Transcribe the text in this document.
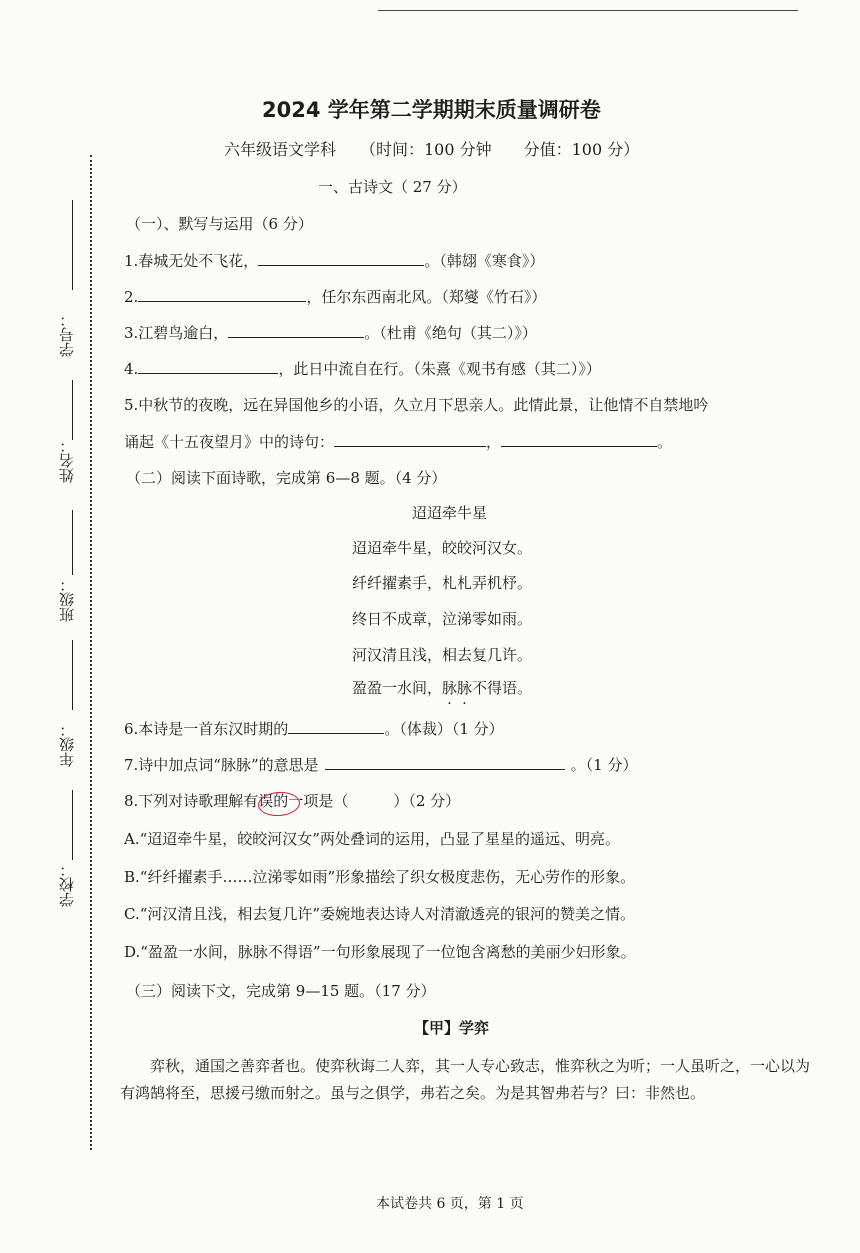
学号：
姓名：
班级：
年级：
学校：
2024 学年第二学期期末质量调研卷
六年级语文学科　　（时间：100 分钟　　分值：100 分）
一、古诗文（ 27 分）
（一）、默写与运用（6 分）
1.春城无处不飞花，	。（韩翃《寒食》）
2.	，任尔东西南北风。（郑燮《竹石》）
3.江碧鸟逾白，	。（杜甫《绝句（其二）》）
4.	，此日中流自在行。（朱熹《观书有感（其二）》）
5.中秋节的夜晚，远在异国他乡的小语，久立月下思亲人。此情此景，让他情不自禁地吟
诵起《十五夜望月》中的诗句：	，	。
（二）阅读下面诗歌，完成第 6—8 题。（4 分）
迢迢牵牛星
迢迢牵牛星，皎皎河汉女。
纤纤擢素手，札札弄机杼。
终日不成章，泣涕零如雨。
河汉清且浅，相去复几许。
盈盈一水间，脉脉不得语。
6.本诗是一首东汉时期的	。（体裁）（1 分）
7.诗中加点词“脉脉”的意思是	。（1 分）
8.下列对诗歌理解有误的一项是（　　　）（2 分）
A.“迢迢牵牛星，皎皎河汉女”两处叠词的运用，凸显了星星的遥远、明亮。
B.“纤纤擢素手……泣涕零如雨”形象描绘了织女极度悲伤，无心劳作的形象。
C.“河汉清且浅，相去复几许”委婉地表达诗人对清澈透亮的银河的赞美之情。
D.“盈盈一水间，脉脉不得语”一句形象展现了一位饱含离愁的美丽少妇形象。
（三）阅读下文，完成第 9—15 题。（17 分）
【甲】学弈
　　弈秋，通国之善弈者也。使弈秋诲二人弈，其一人专心致志，惟弈秋之为听；一人虽听之，一心以为有鸿鹄将至，思援弓缴而射之。虽与之俱学，弗若之矣。为是其智弗若与？曰：非然也。
本试卷共 6 页，第 1 页
